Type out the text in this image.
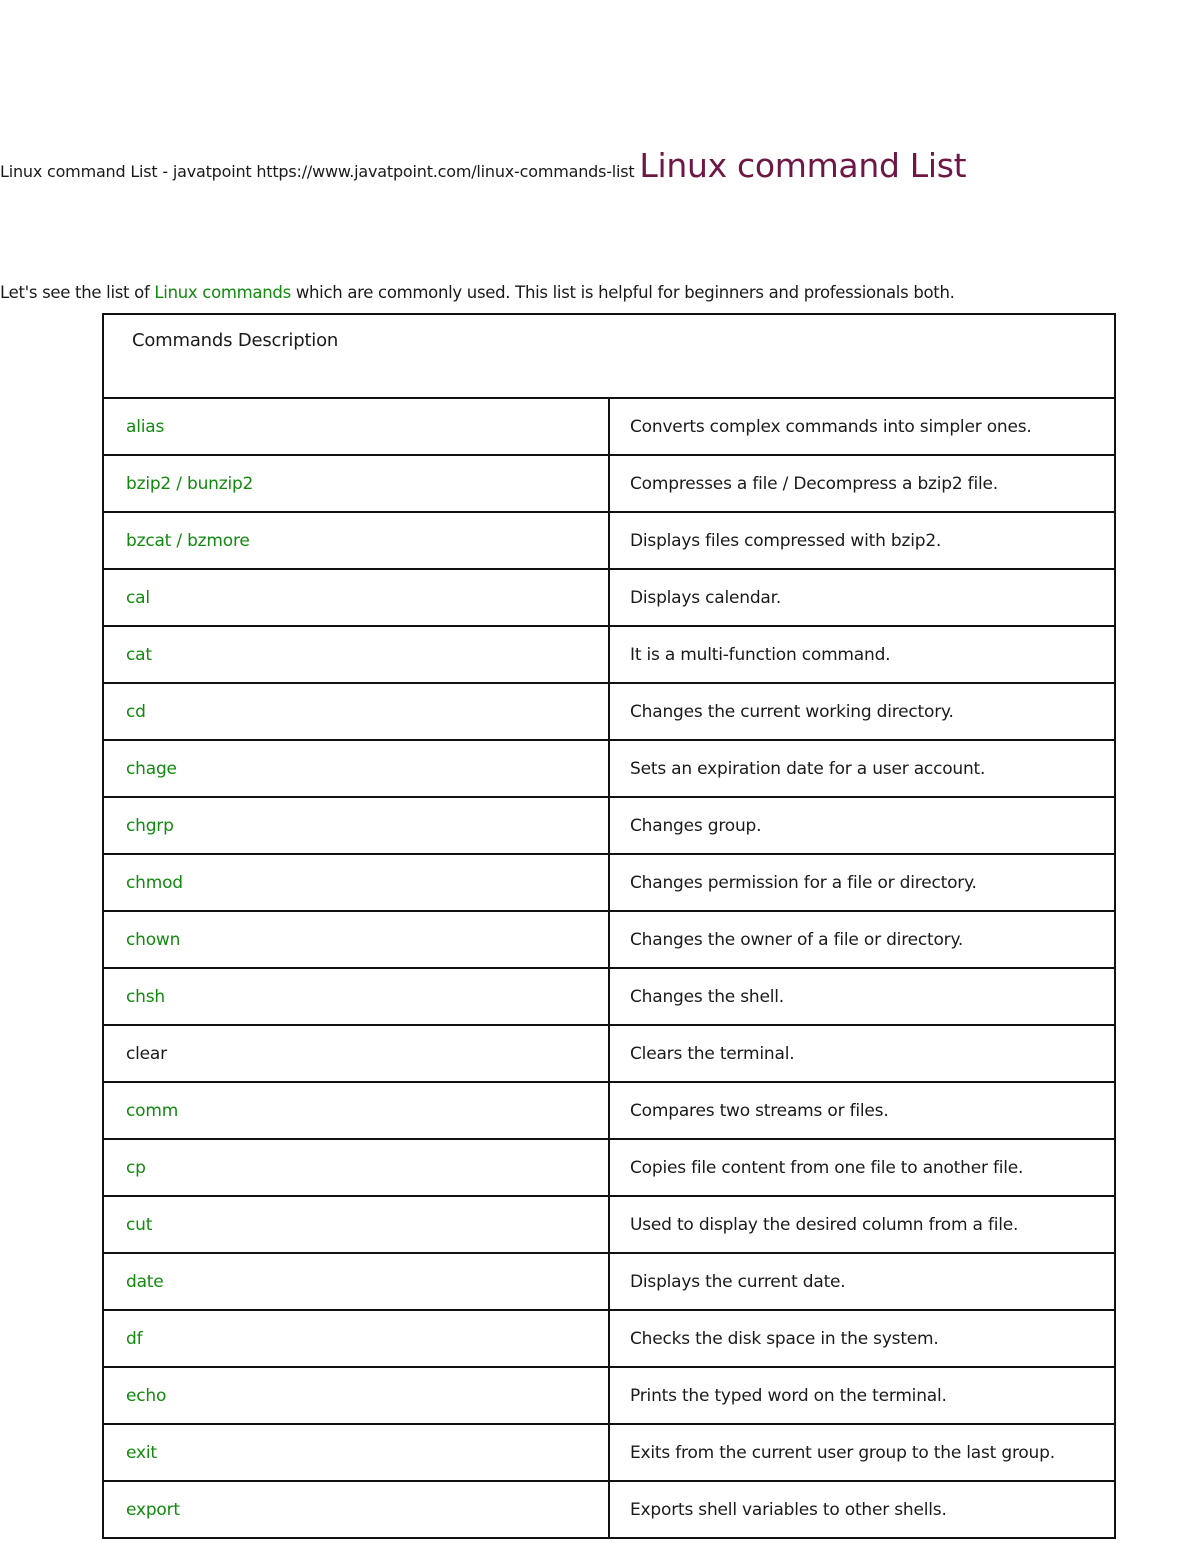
Linux command List - javatpoint https://www.javatpoint.com/linux-commands-list Linux command List
Let's see the list of Linux commands which are commonly used. This list is helpful for beginners and professionals both.
Commands Description	
alias	Converts complex commands into simpler ones.
bzip2 / bunzip2	Compresses a file / Decompress a bzip2 file.
bzcat / bzmore	Displays files compressed with bzip2.
cal	Displays calendar.
cat	It is a multi-function command.
cd	Changes the current working directory.
chage	Sets an expiration date for a user account.
chgrp	Changes group.
chmod	Changes permission for a file or directory.
chown	Changes the owner of a file or directory.
chsh	Changes the shell.
clear	Clears the terminal.
comm	Compares two streams or files.
cp	Copies file content from one file to another file.
cut	Used to display the desired column from a file.
date	Displays the current date.
df	Checks the disk space in the system.
echo	Prints the typed word on the terminal.
exit	Exits from the current user group to the last group.
export	Exports shell variables to other shells.
